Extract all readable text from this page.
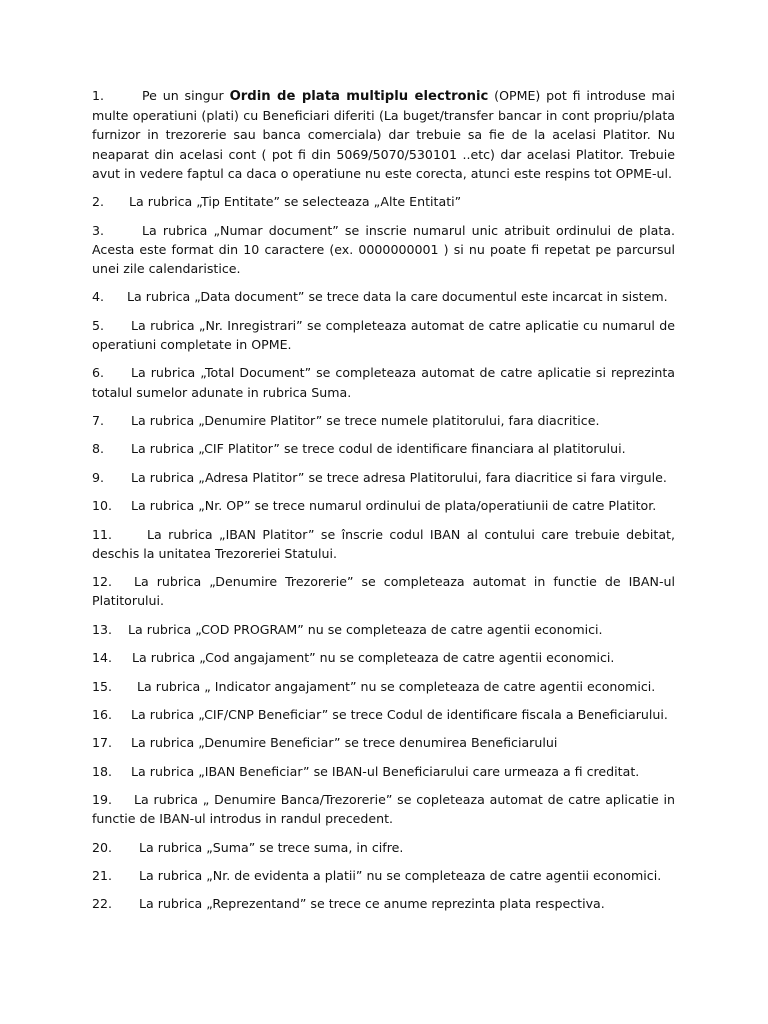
1.	Pe un singur Ordin de plata multiplu electronic (OPME) pot fi introduse mai multe operatiuni (plati) cu Beneficiari diferiti (La buget/transfer bancar in cont propriu/plata furnizor in trezorerie sau banca comerciala) dar trebuie sa fie de la acelasi Platitor. Nu neaparat din acelasi cont ( pot fi din 5069/5070/530101 ..etc) dar acelasi Platitor. Trebuie avut in vedere faptul ca daca o operatiune nu este corecta, atunci este respins tot OPME-ul.

2. La rubrica „Tip Entitate” se selecteaza „Alte Entitati”

3.	La rubrica „Numar document” se inscrie numarul unic atribuit ordinului de plata. Acesta este format din 10 caractere (ex. 0000000001 ) si nu poate fi repetat pe parcursul unei zile calendaristice.

4. La rubrica „Data document” se trece data la care documentul este incarcat in sistem.

5. La rubrica „Nr. Inregistrari” se completeaza automat de catre aplicatie cu numarul de operatiuni completate in OPME.

6. La rubrica „Total Document” se completeaza automat de catre aplicatie si reprezinta totalul sumelor adunate in rubrica Suma.

7. La rubrica „Denumire Platitor” se trece numele platitorului, fara diacritice.

8. La rubrica „CIF Platitor” se trece codul de identificare financiara al platitorului.

9. La rubrica „Adresa Platitor” se trece adresa Platitorului, fara diacritice si fara virgule.

10. La rubrica „Nr. OP” se trece numarul ordinului de plata/operatiunii de catre Platitor.

11.	La rubrica „IBAN Platitor” se înscrie codul IBAN al contului care trebuie debitat, deschis la unitatea Trezoreriei Statului.

12. La rubrica „Denumire Trezorerie” se completeaza automat in functie de IBAN-ul Platitorului.

13. La rubrica „COD PROGRAM” nu se completeaza de catre agentii economici.

14. La rubrica „Cod angajament” nu se completeaza de catre agentii economici.

15. La rubrica „ Indicator angajament” nu se completeaza de catre agentii economici.

16. La rubrica „CIF/CNP Beneficiar” se trece Codul de identificare fiscala a Beneficiarului.

17. La rubrica „Denumire Beneficiar” se trece denumirea Beneficiarului

18. La rubrica „IBAN Beneficiar” se IBAN-ul Beneficiarului care urmeaza a fi creditat.

19. La rubrica „ Denumire Banca/Trezorerie” se copleteaza automat de catre aplicatie in functie de IBAN-ul introdus in randul precedent.

20. La rubrica „Suma” se trece suma, in cifre.

21. La rubrica „Nr. de evidenta a platii” nu se completeaza de catre agentii economici.

22. La rubrica „Reprezentand” se trece ce anume reprezinta plata respectiva.
